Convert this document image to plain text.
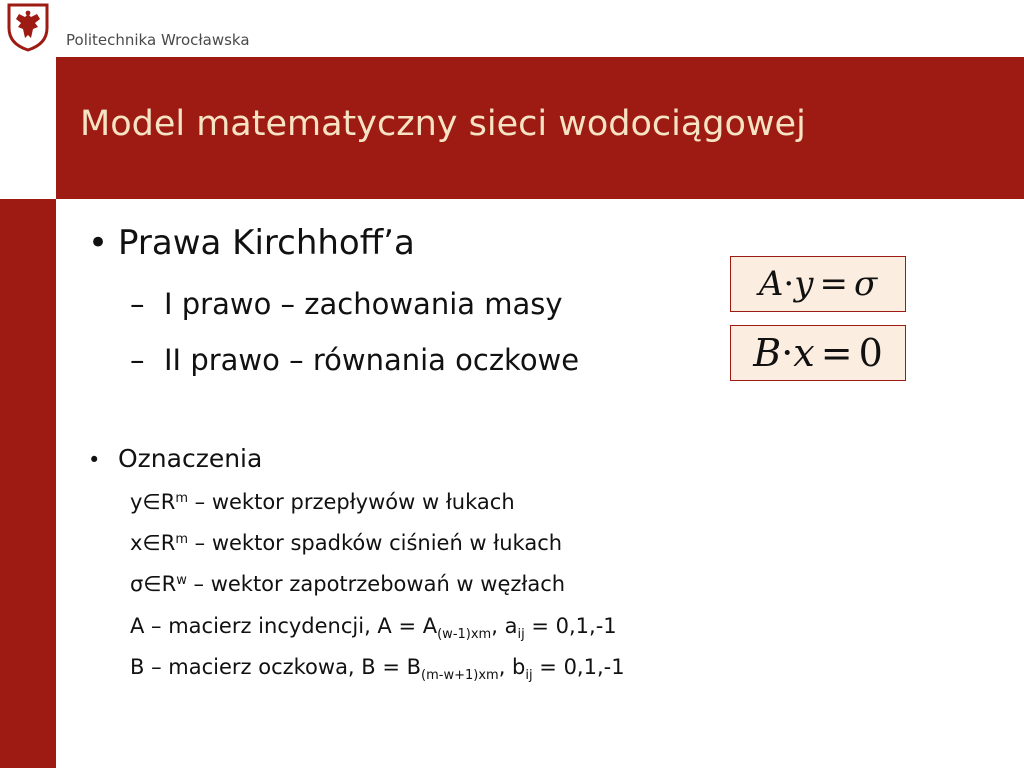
Politechnika Wrocławska
Model matematyczny sieci wodociągowej
• Prawa Kirchhoff’a
– I prawo – zachowania masy
– II prawo – równania oczkowe
A·y = σ
B·x = 0
• Oznaczenia
$y\in R^m$ – wektor przepływów w łukach
$x\in R^m$ – wektor spadków ciśnień w łukach
$\sigma\in R^w$ – wektor zapotrzebowań w węzłach
A – macierz incydencji, $A = A_{(w-1)xm}$, $a_{ij} = 0,1,-1$
B – macierz oczkowa, $B = B_{(m-w+1)xm}$, $b_{ij} = 0,1,-1$
